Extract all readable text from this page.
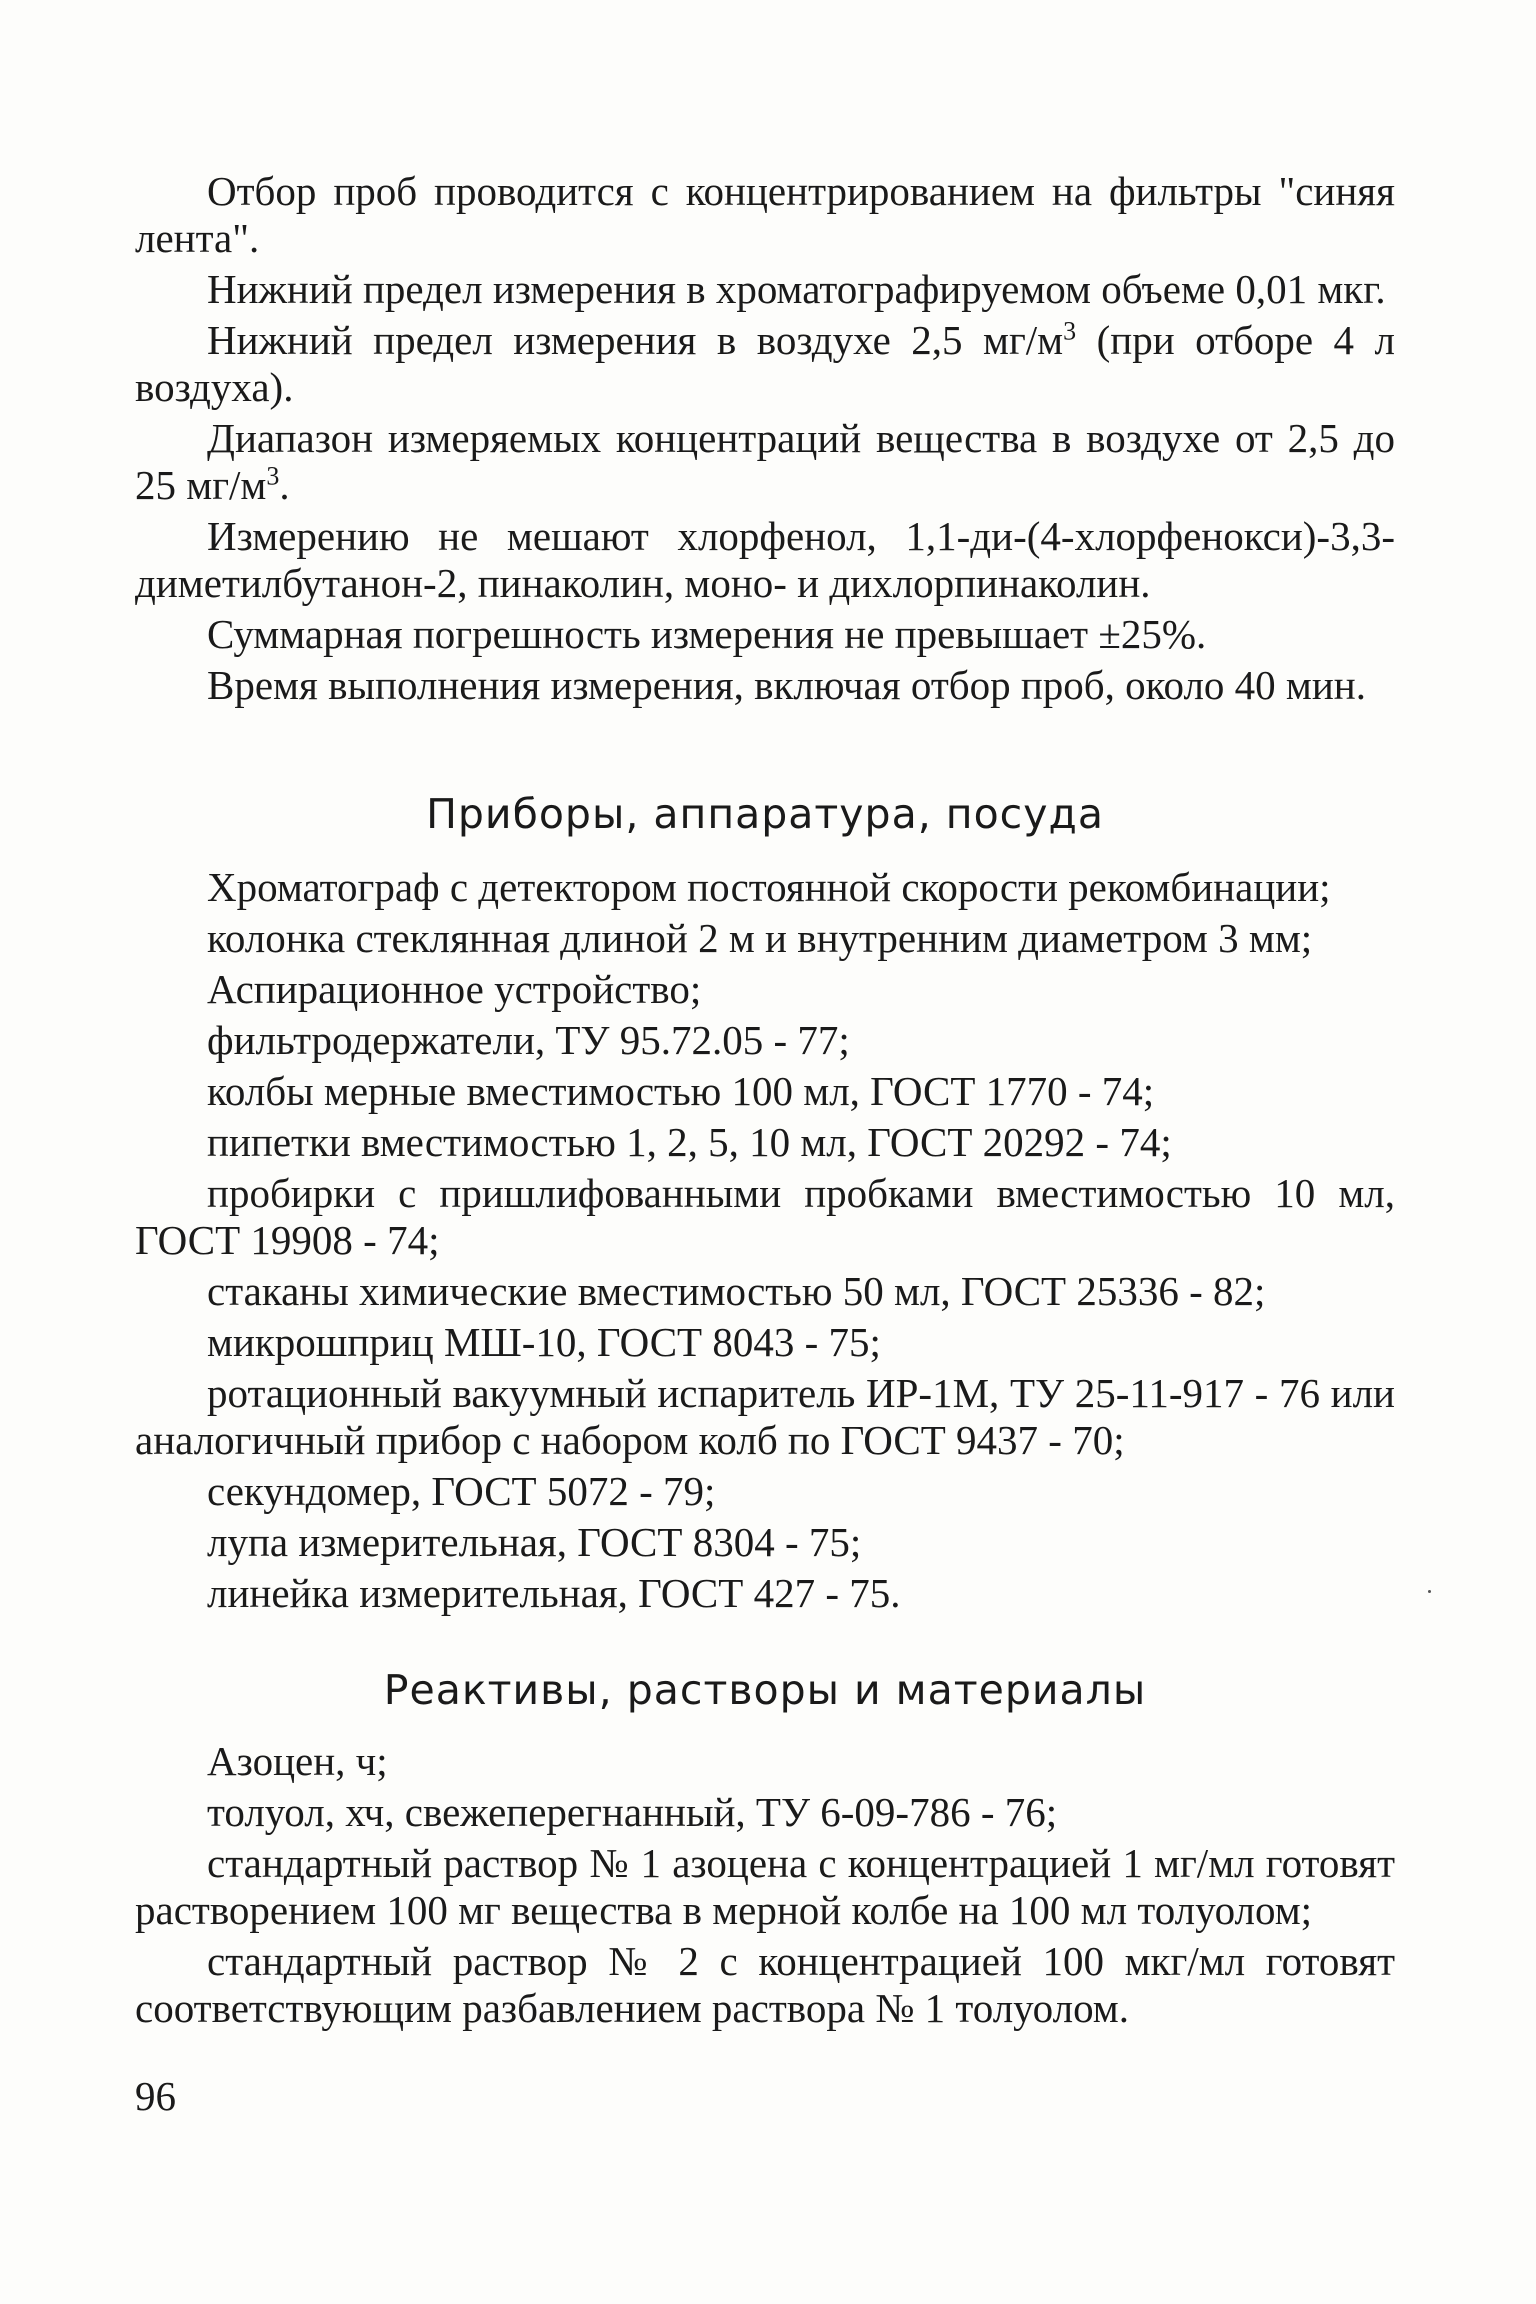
Отбор проб проводится с концентрированием на фильтры "синяя лента".

Нижний предел измерения в хроматографируемом объеме 0,01 мкг.

Нижний предел измерения в воздухе 2,5 $мг/м^3$ (при отборе 4 л воздуха).

Диапазон измеряемых концентраций вещества в воздухе от 2,5 до 25 $мг/м^3$.

Измерению не мешают хлорфенол, 1,1-ди-(4-хлорфенокси)-3,3-диметилбутанон-2, пинаколин, моно- и дихлорпинаколин.

Суммарная погрешность измерения не превышает ±25%.

Время выполнения измерения, включая отбор проб, около 40 мин.

Приборы, аппаратура, посуда

Хроматограф с детектором постоянной скорости рекомбинации;

колонка стеклянная длиной 2 м и внутренним диаметром 3 мм;

Аспирационное устройство;

фильтродержатели, ТУ 95.72.05 - 77;

колбы мерные вместимостью 100 мл, ГОСТ 1770 - 74;

пипетки вместимостью 1, 2, 5, 10 мл, ГОСТ 20292 - 74;

пробирки с пришлифованными пробками вместимостью 10 мл, ГОСТ 19908 - 74;

стаканы химические вместимостью 50 мл, ГОСТ 25336 - 82;

микрошприц МШ-10, ГОСТ 8043 - 75;

ротационный вакуумный испаритель ИР-1М, ТУ 25-11-917 - 76 или аналогичный прибор с набором колб по ГОСТ 9437 - 70;

секундомер, ГОСТ 5072 - 79;

лупа измерительная, ГОСТ 8304 - 75;

линейка измерительная, ГОСТ 427 - 75.

Реактивы, растворы и материалы

Азоцен, ч;

толуол, хч, свежеперегнанный, ТУ 6-09-786 - 76;

стандартный раствор № 1 азоцена с концентрацией 1 мг/мл готовят растворением 100 мг вещества в мерной колбе на 100 мл толуолом;

стандартный раствор № 2 с концентрацией 100 мкг/мл готовят соответствующим разбавлением раствора № 1 толуолом.

96
